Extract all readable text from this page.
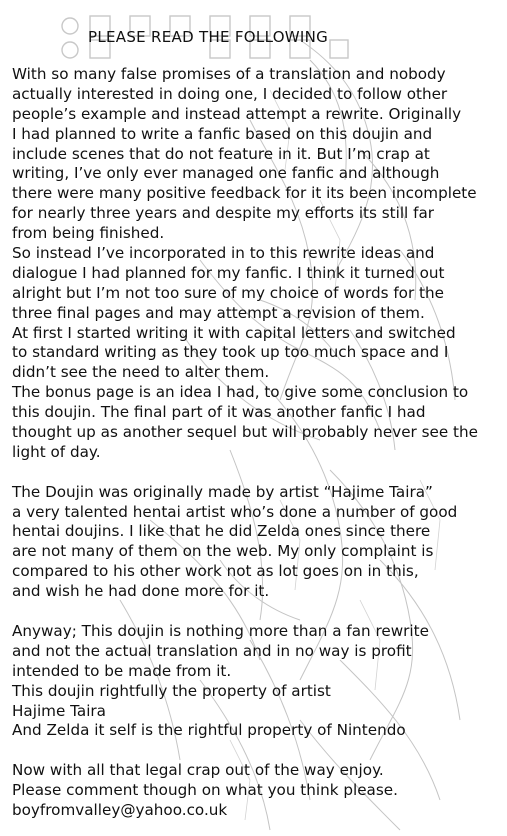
PLEASE READ THE FOLLOWING
With so many false promises of a translation and nobody
actually interested in doing one, I decided to follow other
people’s example and instead attempt a rewrite. Originally
I had planned to write a fanfic based on this doujin and
include scenes that do not feature in it. But I’m crap at
writing, I’ve only ever managed one fanfic and although
there were many positive feedback for it its been incomplete
for nearly three years and despite my efforts its still far
from being finished.
So instead I’ve incorporated in to this rewrite ideas and
dialogue I had planned for my fanfic. I think it turned out
alright but I’m not too sure of my choice of words for the
three final pages and may attempt a revision of them.
At first I started writing it with capital letters and switched
to standard writing as they took up too much space and I
didn’t see the need to alter them.
The bonus page is an idea I had, to give some conclusion to
this doujin. The final part of it was another fanfic I had
thought up as another sequel but will probably never see the
light of day.
The Doujin was originally made by artist “Hajime Taira”
a very talented hentai artist who’s done a number of good
hentai doujins. I like that he did Zelda ones since there
are not many of them on the web. My only complaint is
compared to his other work not as lot goes on in this,
and wish he had done more for it.
Anyway; This doujin is nothing more than a fan rewrite
and not the actual translation and in no way is profit
intended to be made from it.
This doujin rightfully the property of artist
Hajime Taira
And Zelda it self is the rightful property of Nintendo
Now with all that legal crap out of the way enjoy.
Please comment though on what you think please.
boyfromvalley@yahoo.co.uk
